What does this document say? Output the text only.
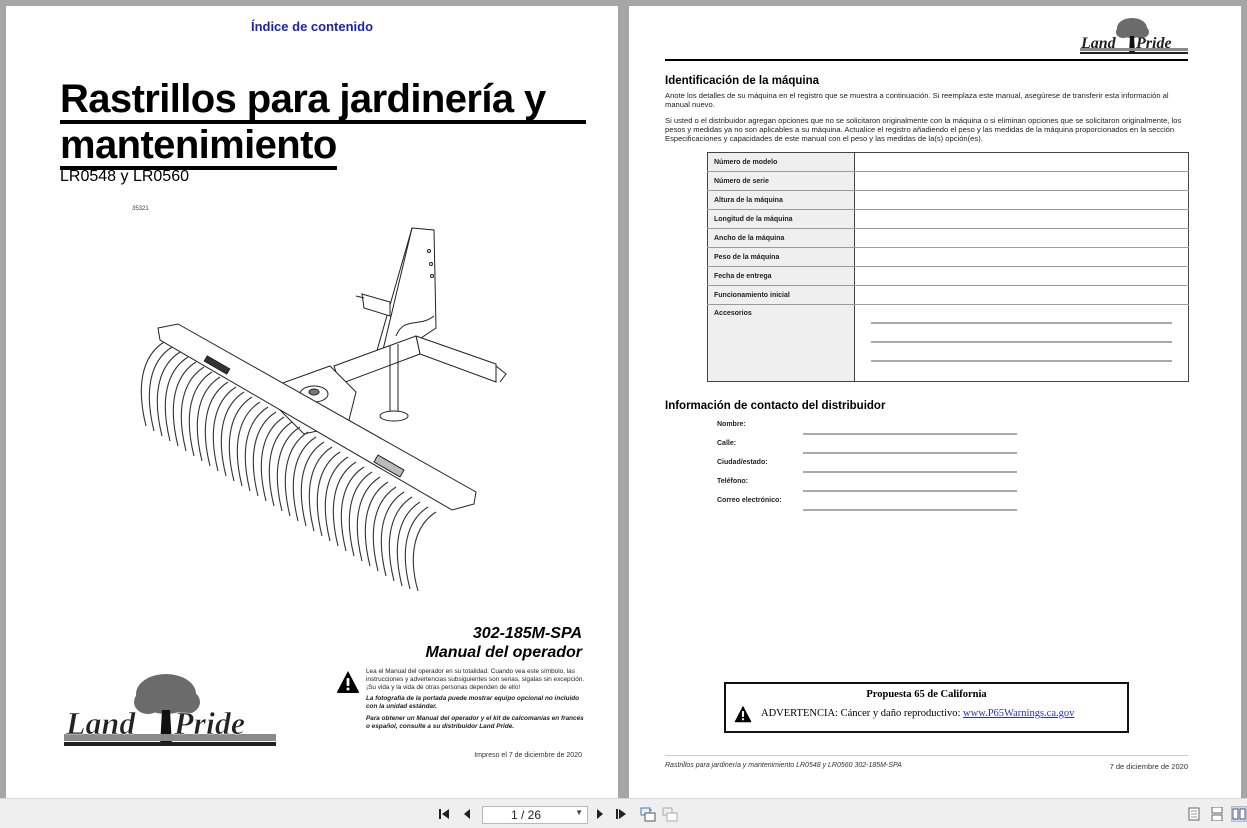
Índice de contenido
Rastrillos para jardinería y
mantenimiento
LR0548 y LR0560
35321
302-185M-SPA
Manual del operador

Lea el Manual del operador en su totalidad. Cuando vea este símbolo, las instrucciones y advertencias subsiguientes son serias, sígalas sin excepción. ¡Su vida y la vida de otras personas dependen de ello!

La fotografía de la portada puede mostrar equipo opcional no incluido con la unidad estándar.

Para obtener un Manual del operador y el kit de calcomanías en francés o español, consulte a su distribuidor Land Pride.

Impreso el 7 de diciembre de 2020
Land Pride
Land Pride
Identificación de la máquina
Anote los detalles de su máquina en el registro que se muestra a continuación. Si reemplaza este manual, asegúrese de transferir esta información al manual nuevo.
Si usted o el distribuidor agregan opciones que no se solicitaron originalmente con la máquina o si eliminan opciones que se solicitaron originalmente, los pesos y medidas ya no son aplicables a su máquina. Actualice el registro añadiendo el peso y las medidas de la máquina proporcionados en la sección Especificaciones y capacidades de este manual con el peso y las medidas de la(s) opción(es).
Número de modelo	
Número de serie	
Altura de la máquina	
Longitud de la máquina	
Ancho de la máquina	
Peso de la máquina	
Fecha de entrega	
Funcionamiento inicial	
Accesorios	
Información de contacto del distribuidor
Nombre:
Calle:
Ciudad/estado:
Teléfono:
Correo electrónico:
Propuesta 65 de California
ADVERTENCIA: Cáncer y daño reproductivo: www.P65Warnings.ca.gov
Rastrillos para jardinería y mantenimiento LR0548 y LR0560 302-185M-SPA	7 de diciembre de 2020
1 / 26	▼
